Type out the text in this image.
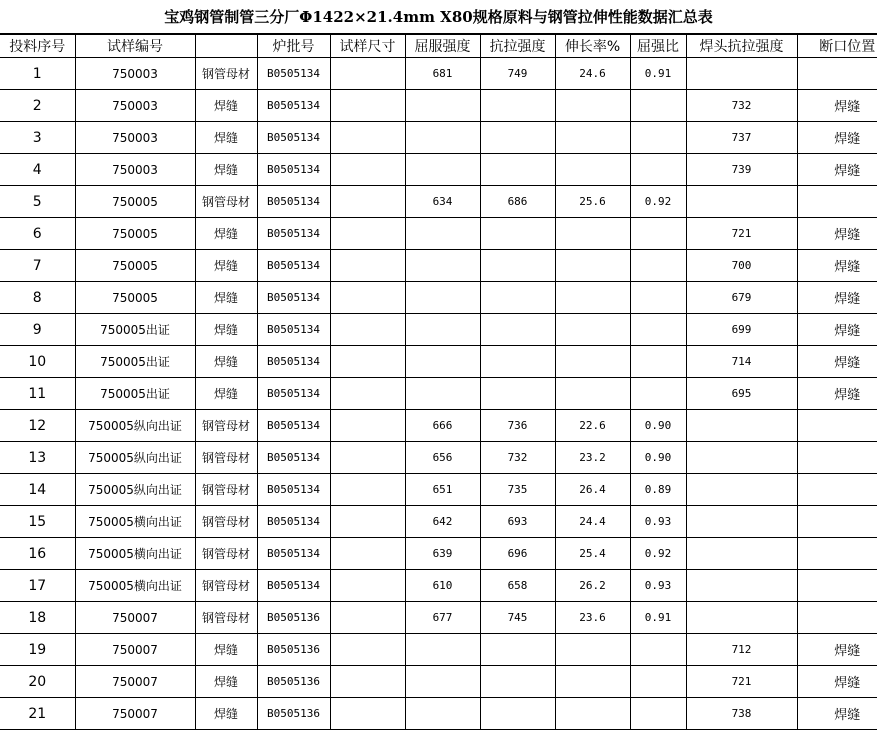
宝鸡钢管制管三分厂Φ1422×21.4mm X80规格原料与钢管拉伸性能数据汇总表
投料序号	试样编号		炉批号	试样尺寸	屈服强度	抗拉强度	伸长率%	屈强比	焊头抗拉强度	断口位置
1	750003	钢管母材	B0505134		681	749	24.6	0.91		
2	750003	焊缝	B0505134						732	焊缝
3	750003	焊缝	B0505134						737	焊缝
4	750003	焊缝	B0505134						739	焊缝
5	750005	钢管母材	B0505134		634	686	25.6	0.92		
6	750005	焊缝	B0505134						721	焊缝
7	750005	焊缝	B0505134						700	焊缝
8	750005	焊缝	B0505134						679	焊缝
9	750005出证	焊缝	B0505134						699	焊缝
10	750005出证	焊缝	B0505134						714	焊缝
11	750005出证	焊缝	B0505134						695	焊缝
12	750005纵向出证	钢管母材	B0505134		666	736	22.6	0.90		
13	750005纵向出证	钢管母材	B0505134		656	732	23.2	0.90		
14	750005纵向出证	钢管母材	B0505134		651	735	26.4	0.89		
15	750005横向出证	钢管母材	B0505134		642	693	24.4	0.93		
16	750005横向出证	钢管母材	B0505134		639	696	25.4	0.92		
17	750005横向出证	钢管母材	B0505134		610	658	26.2	0.93		
18	750007	钢管母材	B0505136		677	745	23.6	0.91		
19	750007	焊缝	B0505136						712	焊缝
20	750007	焊缝	B0505136						721	焊缝
21	750007	焊缝	B0505136						738	焊缝
